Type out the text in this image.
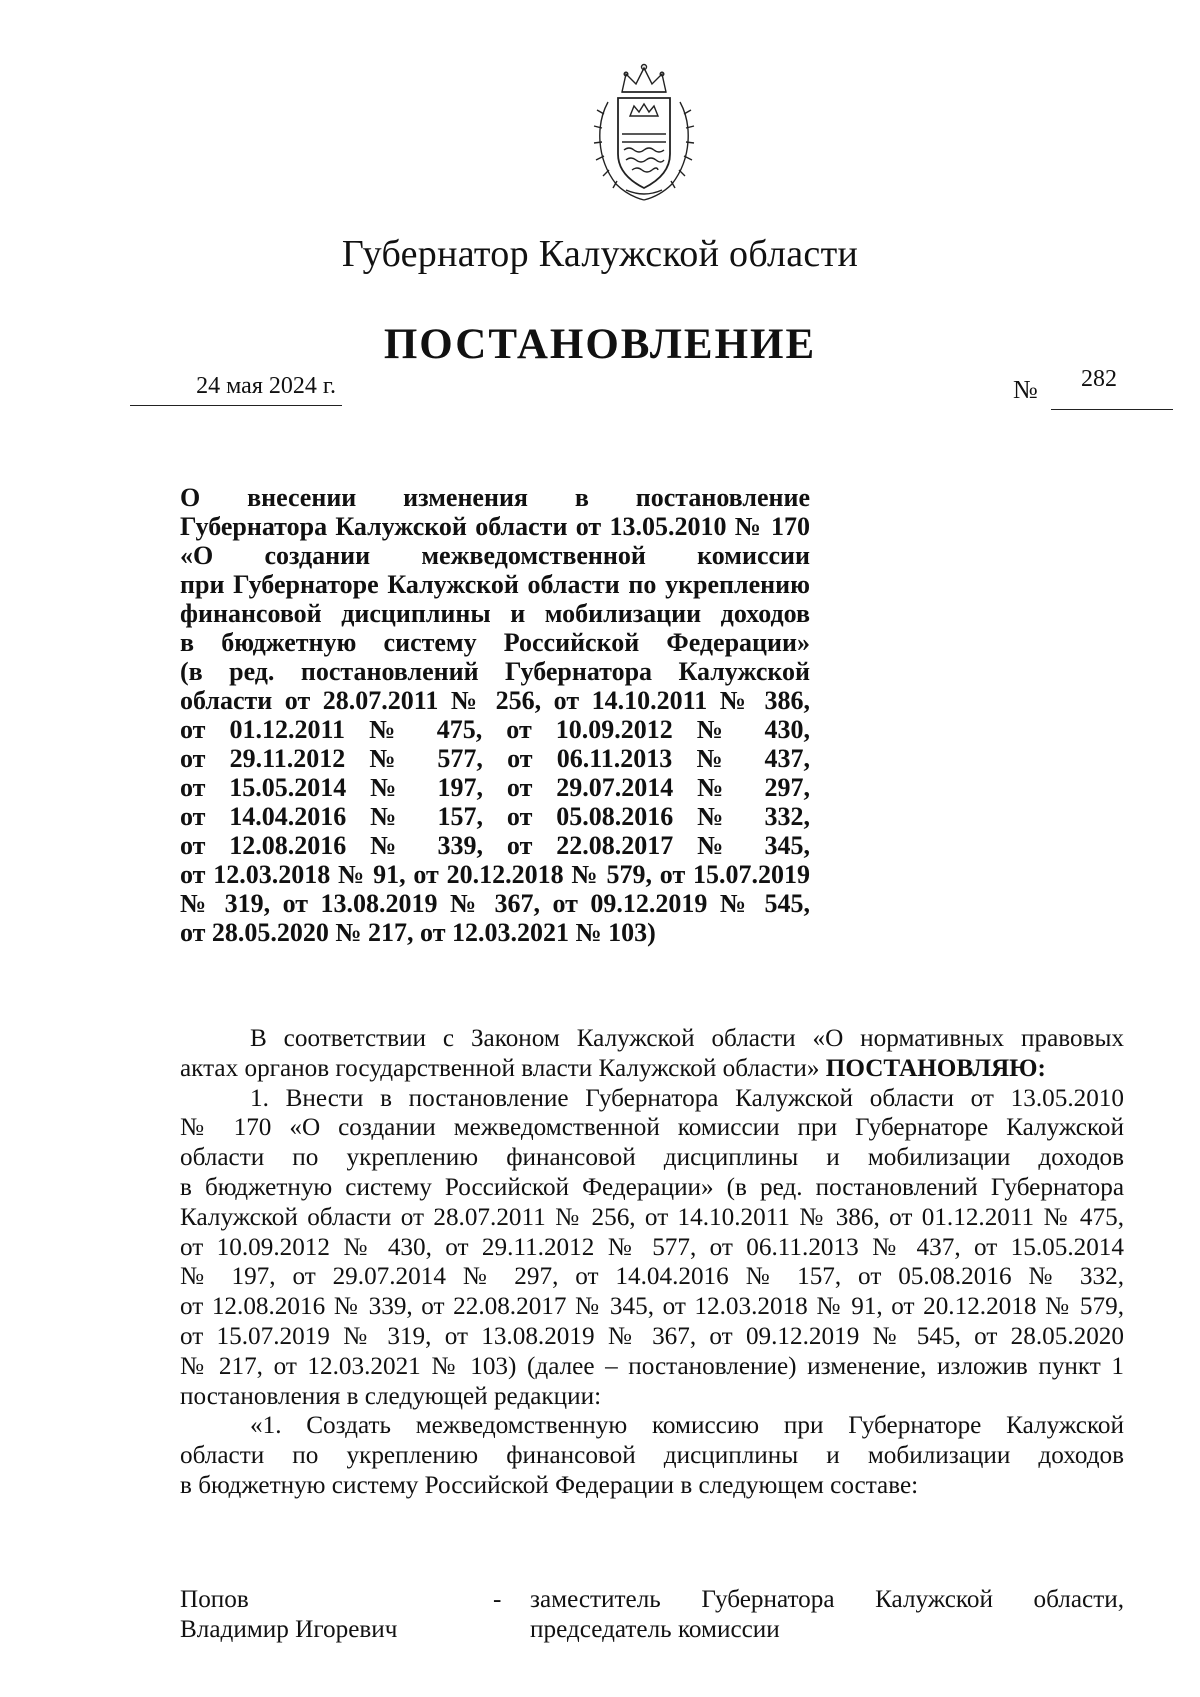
Губернатор Калужской области
ПОСТАНОВЛЕНИЕ
24 мая 2024 г.	№ 282
О внесении изменения в постановление
Губернатора Калужской области от 13.05.2010 № 170
«О создании межведомственной комиссии
при Губернаторе Калужской области по укреплению
финансовой дисциплины и мобилизации доходов
в бюджетную систему Российской Федерации»
(в ред. постановлений Губернатора Калужской
области от 28.07.2011 № 256, от 14.10.2011 № 386,
от 01.12.2011 № 475, от 10.09.2012 № 430,
от 29.11.2012 № 577, от 06.11.2013 № 437,
от 15.05.2014 № 197, от 29.07.2014 № 297,
от 14.04.2016 № 157, от 05.08.2016 № 332,
от 12.08.2016 № 339, от 22.08.2017 № 345,
от 12.03.2018 № 91, от 20.12.2018 № 579, от 15.07.2019
№ 319, от 13.08.2019 № 367, от 09.12.2019 № 545,
от 28.05.2020 № 217, от 12.03.2021 № 103)
В соответствии с Законом Калужской области «О нормативных правовых
актах органов государственной власти Калужской области» ПОСТАНОВЛЯЮ:
1. Внести в постановление Губернатора Калужской области от 13.05.2010
№ 170 «О создании межведомственной комиссии при Губернаторе Калужской
области по укреплению финансовой дисциплины и мобилизации доходов
в бюджетную систему Российской Федерации» (в ред. постановлений Губернатора
Калужской области от 28.07.2011 № 256, от 14.10.2011 № 386, от 01.12.2011 № 475,
от 10.09.2012 № 430, от 29.11.2012 № 577, от 06.11.2013 № 437, от 15.05.2014
№ 197, от 29.07.2014 № 297, от 14.04.2016 № 157, от 05.08.2016 № 332,
от 12.08.2016 № 339, от 22.08.2017 № 345, от 12.03.2018 № 91, от 20.12.2018 № 579,
от 15.07.2019 № 319, от 13.08.2019 № 367, от 09.12.2019 № 545, от 28.05.2020
№ 217, от 12.03.2021 № 103) (далее – постановление) изменение, изложив пункт 1
постановления в следующей редакции:
«1. Создать межведомственную комиссию при Губернаторе Калужской
области по укреплению финансовой дисциплины и мобилизации доходов
в бюджетную систему Российской Федерации в следующем составе:
Попов
Владимир Игоревич
- заместитель Губернатора Калужской области,
председатель комиссии
